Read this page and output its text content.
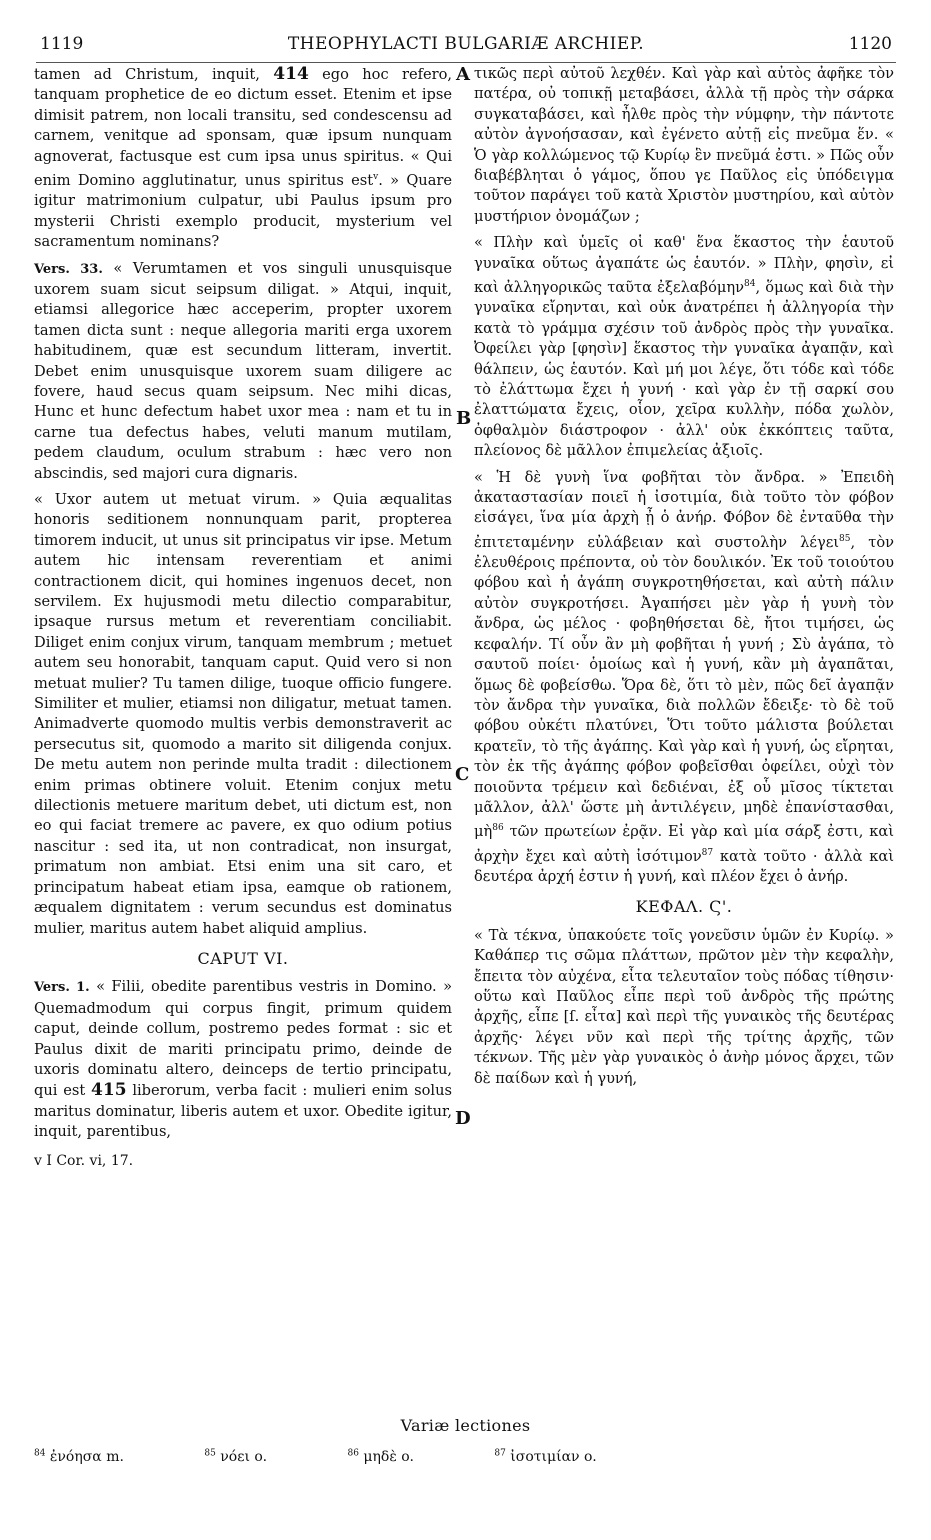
1119	THEOPHYLACTI BULGARIÆ ARCHIEP.	1120
A
B
C
D

tamen ad Christum, inquit, 414 ego hoc refero, tanquam prophetice de eo dictum esset. Etenim et ipse dimisit patrem, non locali transitu, sed condescensu ad carnem, venitque ad sponsam, quæ ipsum nunquam agnoverat, factusque est cum ipsa unus spiritus. « Qui enim Domino agglutinatur, unus spiritus est$^v$. » Quare igitur matrimonium culpatur, ubi Paulus ipsum pro mysterii Christi exemplo producit, mysterium vel sacramentum nominans?

Vers. 33. « Verumtamen et vos singuli unusquisque uxorem suam sicut seipsum diligat. » Atqui, inquit, etiamsi allegorice hæc acceperim, propter uxorem tamen dicta sunt : neque allegoria mariti erga uxorem habitudinem, quæ est secundum litteram, invertit. Debet enim unusquisque uxorem suam diligere ac fovere, haud secus quam seipsum. Nec mihi dicas, Hunc et hunc defectum habet uxor mea : nam et tu in carne tua defectus habes, veluti manum mutilam, pedem claudum, oculum strabum : hæc vero non abscindis, sed majori cura dignaris.

« Uxor autem ut metuat virum. » Quia æqualitas honoris seditionem nonnunquam parit, propterea timorem inducit, ut unus sit principatus vir ipse. Metum autem hic intensam reverentiam et animi contractionem dicit, qui homines ingenuos decet, non servilem. Ex hujusmodi metu dilectio comparabitur, ipsaque rursus metum et reverentiam conciliabit. Diliget enim conjux virum, tanquam membrum ; metuet autem seu honorabit, tanquam caput. Quid vero si non metuat mulier? Tu tamen dilige, tuoque officio fungere. Similiter et mulier, etiamsi non diligatur, metuat tamen. Animadverte quomodo multis verbis demonstraverit ac persecutus sit, quomodo a marito sit diligenda conjux. De metu autem non perinde multa tradit : dilectionem enim primas obtinere voluit. Etenim conjux metu dilectionis metuere maritum debet, uti dictum est, non eo qui faciat tremere ac pavere, ex quo odium potius nascitur : sed ita, ut non contradicat, non insurgat, primatum non ambiat. Etsi enim una sit caro, et principatum habeat etiam ipsa, eamque ob rationem, æqualem dignitatem : verum secundus est dominatus mulier, maritus autem habet aliquid amplius.

CAPUT VI.

Vers. 1. « Filii, obedite parentibus vestris in Domino. » Quemadmodum qui corpus fingit, primum quidem caput, deinde collum, postremo pedes format : sic et Paulus dixit de mariti principatu primo, deinde de uxoris dominatu altero, deinceps de tertio principatu, qui est 415 liberorum, verba facit : mulieri enim solus maritus dominatur, liberis autem et uxor. Obedite igitur, inquit, parentibus,

v I Cor. vi, 17.

τικῶς περὶ αὐτοῦ λεχθέν. Καὶ γὰρ καὶ αὐτὸς ἀφῆκε τὸν πατέρα, οὐ τοπικῇ μεταβάσει, ἀλλὰ τῇ πρὸς τὴν σάρκα συγκαταβάσει, καὶ ἦλθε πρὸς τὴν νύμφην, τὴν πάντοτε αὐτὸν ἀγνοήσασαν, καὶ ἐγένετο αὐτῇ εἰς πνεῦμα ἕν. « Ὁ γὰρ κολλώμενος τῷ Κυρίῳ ἓν πνεῦμά ἐστι. » Πῶς οὖν διαβέβληται ὁ γάμος, ὅπου γε Παῦλος εἰς ὑπόδειγμα τοῦτον παράγει τοῦ κατὰ Χριστὸν μυστηρίου, καὶ αὐτὸν μυστήριον ὀνομάζων ;

« Πλὴν καὶ ὑμεῖς οἱ καθ' ἕνα ἕκαστος τὴν ἑαυτοῦ γυναῖκα οὕτως ἀγαπάτε ὡς ἑαυτόν. » Πλὴν, φησὶν, εἰ καὶ ἀλληγορικῶς ταῦτα ἐξελαβόμην$^{84}$, ὅμως καὶ διὰ τὴν γυναῖκα εἴρηνται, καὶ οὐκ ἀνατρέπει ἡ ἀλληγορία τὴν κατὰ τὸ γράμμα σχέσιν τοῦ ἀνδρὸς πρὸς τὴν γυναῖκα. Ὀφείλει γὰρ [φησὶν] ἕκαστος τὴν γυναῖκα ἀγαπᾷν, καὶ θάλπειν, ὡς ἑαυτόν. Καὶ μή μοι λέγε, ὅτι τόδε καὶ τόδε τὸ ἐλάττωμα ἔχει ἡ γυνή · καὶ γὰρ ἐν τῇ σαρκί σου ἐλαττώματα ἔχεις, οἷον, χεῖρα κυλλὴν, πόδα χωλὸν, ὀφθαλμὸν διάστροφον · ἀλλ' οὐκ ἐκκόπτεις ταῦτα, πλείονος δὲ μᾶλλον ἐπιμελείας ἀξιοῖς.

« Ἡ δὲ γυνὴ ἵνα φοβῆται τὸν ἄνδρα. » Ἐπειδὴ ἀκαταστασίαν ποιεῖ ἡ ἰσοτιμία, διὰ τοῦτο τὸν φόβον εἰσάγει, ἵνα μία ἀρχὴ ᾖ ὁ ἀνήρ. Φόβον δὲ ἐνταῦθα τὴν ἐπιτεταμένην εὐλάβειαν καὶ συστολὴν λέγει$^{85}$, τὸν ἐλευθέροις πρέποντα, οὐ τὸν δουλικόν. Ἐκ τοῦ τοιούτου φόβου καὶ ἡ ἀγάπη συγκροτηθήσεται, καὶ αὐτὴ πάλιν αὐτὸν συγκροτήσει. Ἀγαπήσει μὲν γὰρ ἡ γυνὴ τὸν ἄνδρα, ὡς μέλος · φοβηθήσεται δὲ, ἤτοι τιμήσει, ὡς κεφαλήν. Τί οὖν ἂν μὴ φοβῆται ἡ γυνή ; Σὺ ἀγάπα, τὸ σαυτοῦ ποίει· ὁμοίως καὶ ἡ γυνή, κἂν μὴ ἀγαπᾶται, ὅμως δὲ φοβείσθω. Ὅρα δὲ, ὅτι τὸ μὲν, πῶς δεῖ ἀγαπᾷν τὸν ἄνδρα τὴν γυναῖκα, διὰ πολλῶν ἔδειξε· τὸ δὲ τοῦ φόβου οὐκέτι πλατύνει, Ὅτι τοῦτο μάλιστα βούλεται κρατεῖν, τὸ τῆς ἀγάπης. Καὶ γὰρ καὶ ἡ γυνή, ὡς εἴρηται, τὸν ἐκ τῆς ἀγάπης φόβον φοβεῖσθαι ὀφείλει, οὐχὶ τὸν ποιοῦντα τρέμειν καὶ δεδιέναι, ἐξ οὗ μῖσος τίκτεται μᾶλλον, ἀλλ' ὥστε μὴ ἀντιλέγειν, μηδὲ ἐπανίστασθαι, μὴ$^{86}$ τῶν πρωτείων ἐρᾷν. Εἰ γὰρ καὶ μία σάρξ ἐστι, καὶ ἀρχὴν ἔχει καὶ αὐτὴ ἰσότιμον$^{87}$ κατὰ τοῦτο · ἀλλὰ καὶ δευτέρα ἀρχή ἐστιν ἡ γυνή, καὶ πλέον ἔχει ὁ ἀνήρ.

ΚΕΦΑΛ. Ϛ'.

« Τὰ τέκνα, ὑπακούετε τοῖς γονεῦσιν ὑμῶν ἐν Κυρίῳ. » Καθάπερ τις σῶμα πλάττων, πρῶτον μὲν τὴν κεφαλὴν, ἔπειτα τὸν αὐχένα, εἶτα τελευταῖον τοὺς πόδας τίθησιν· οὕτω καὶ Παῦλος εἶπε περὶ τοῦ ἀνδρὸς τῆς πρώτης ἀρχῆς, εἶπε [ſ. εἶτα] καὶ περὶ τῆς γυναικὸς τῆς δευτέρας ἀρχῆς· λέγει νῦν καὶ περὶ τῆς τρίτης ἀρχῆς, τῶν τέκνων. Τῆς μὲν γὰρ γυναικὸς ὁ ἀνὴρ μόνος ἄρχει, τῶν δὲ παίδων καὶ ἡ γυνή,

Variæ lectiones
$^{84}$ ἐνόησα m.	$^{85}$ νόει o.	$^{86}$ μηδὲ o.	$^{87}$ ἰσοτιμίαν o.
